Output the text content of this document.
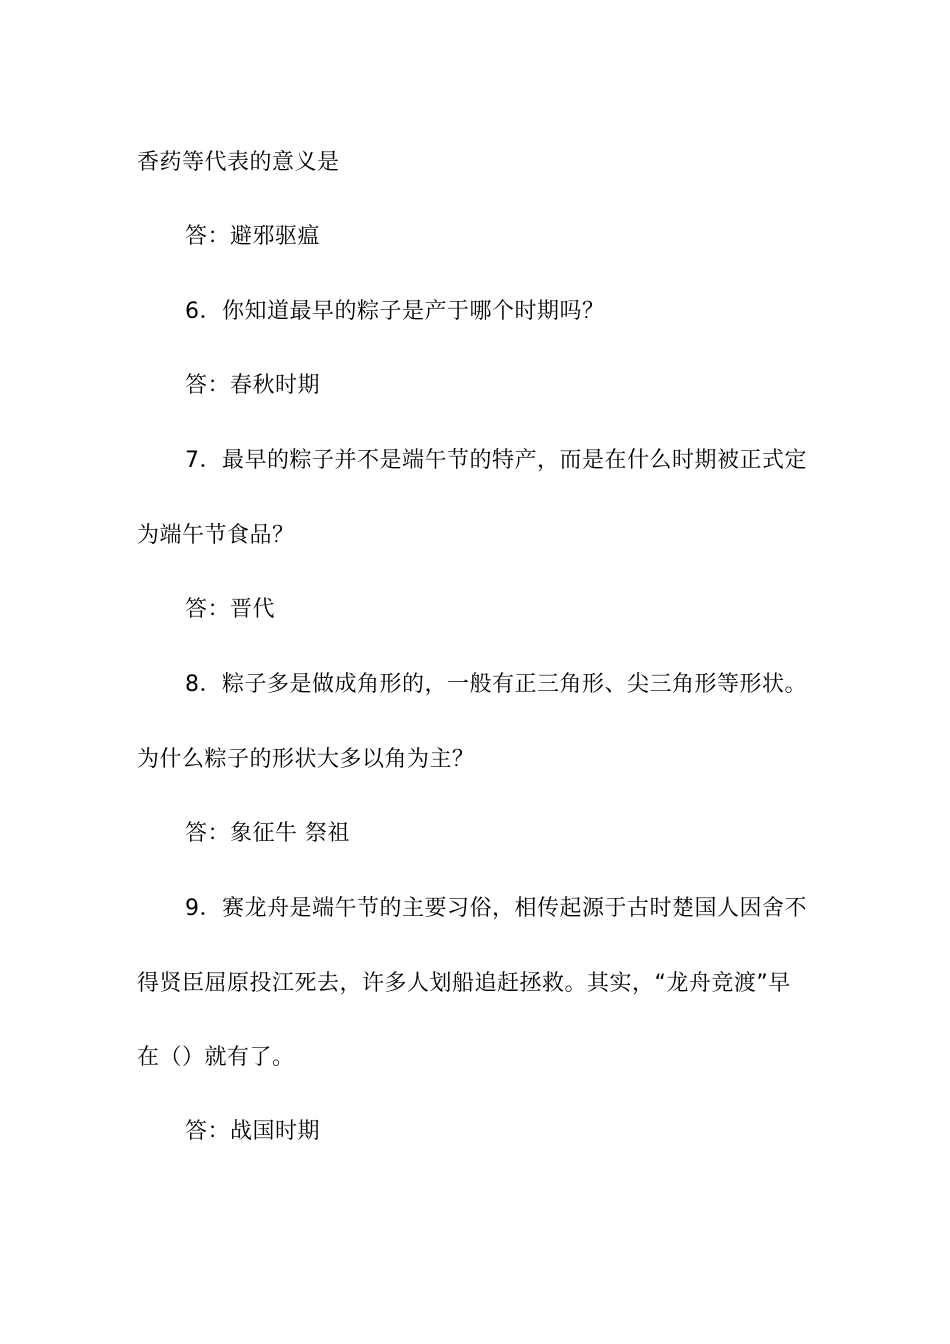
香药等代表的意义是
答：避邪驱瘟
6．你知道最早的粽子是产于哪个时期吗？
答：春秋时期
7．最早的粽子并不是端午节的特产，而是在什么时期被正式定
为端午节食品？
答：晋代
8．粽子多是做成角形的，一般有正三角形、尖三角形等形状。
为什么粽子的形状大多以角为主？
答：象征牛 祭祖
9．赛龙舟是端午节的主要习俗，相传起源于古时楚国人因舍不
得贤臣屈原投江死去，许多人划船追赶拯救。其实，“龙舟竞渡”早
在（）就有了。
答：战国时期
